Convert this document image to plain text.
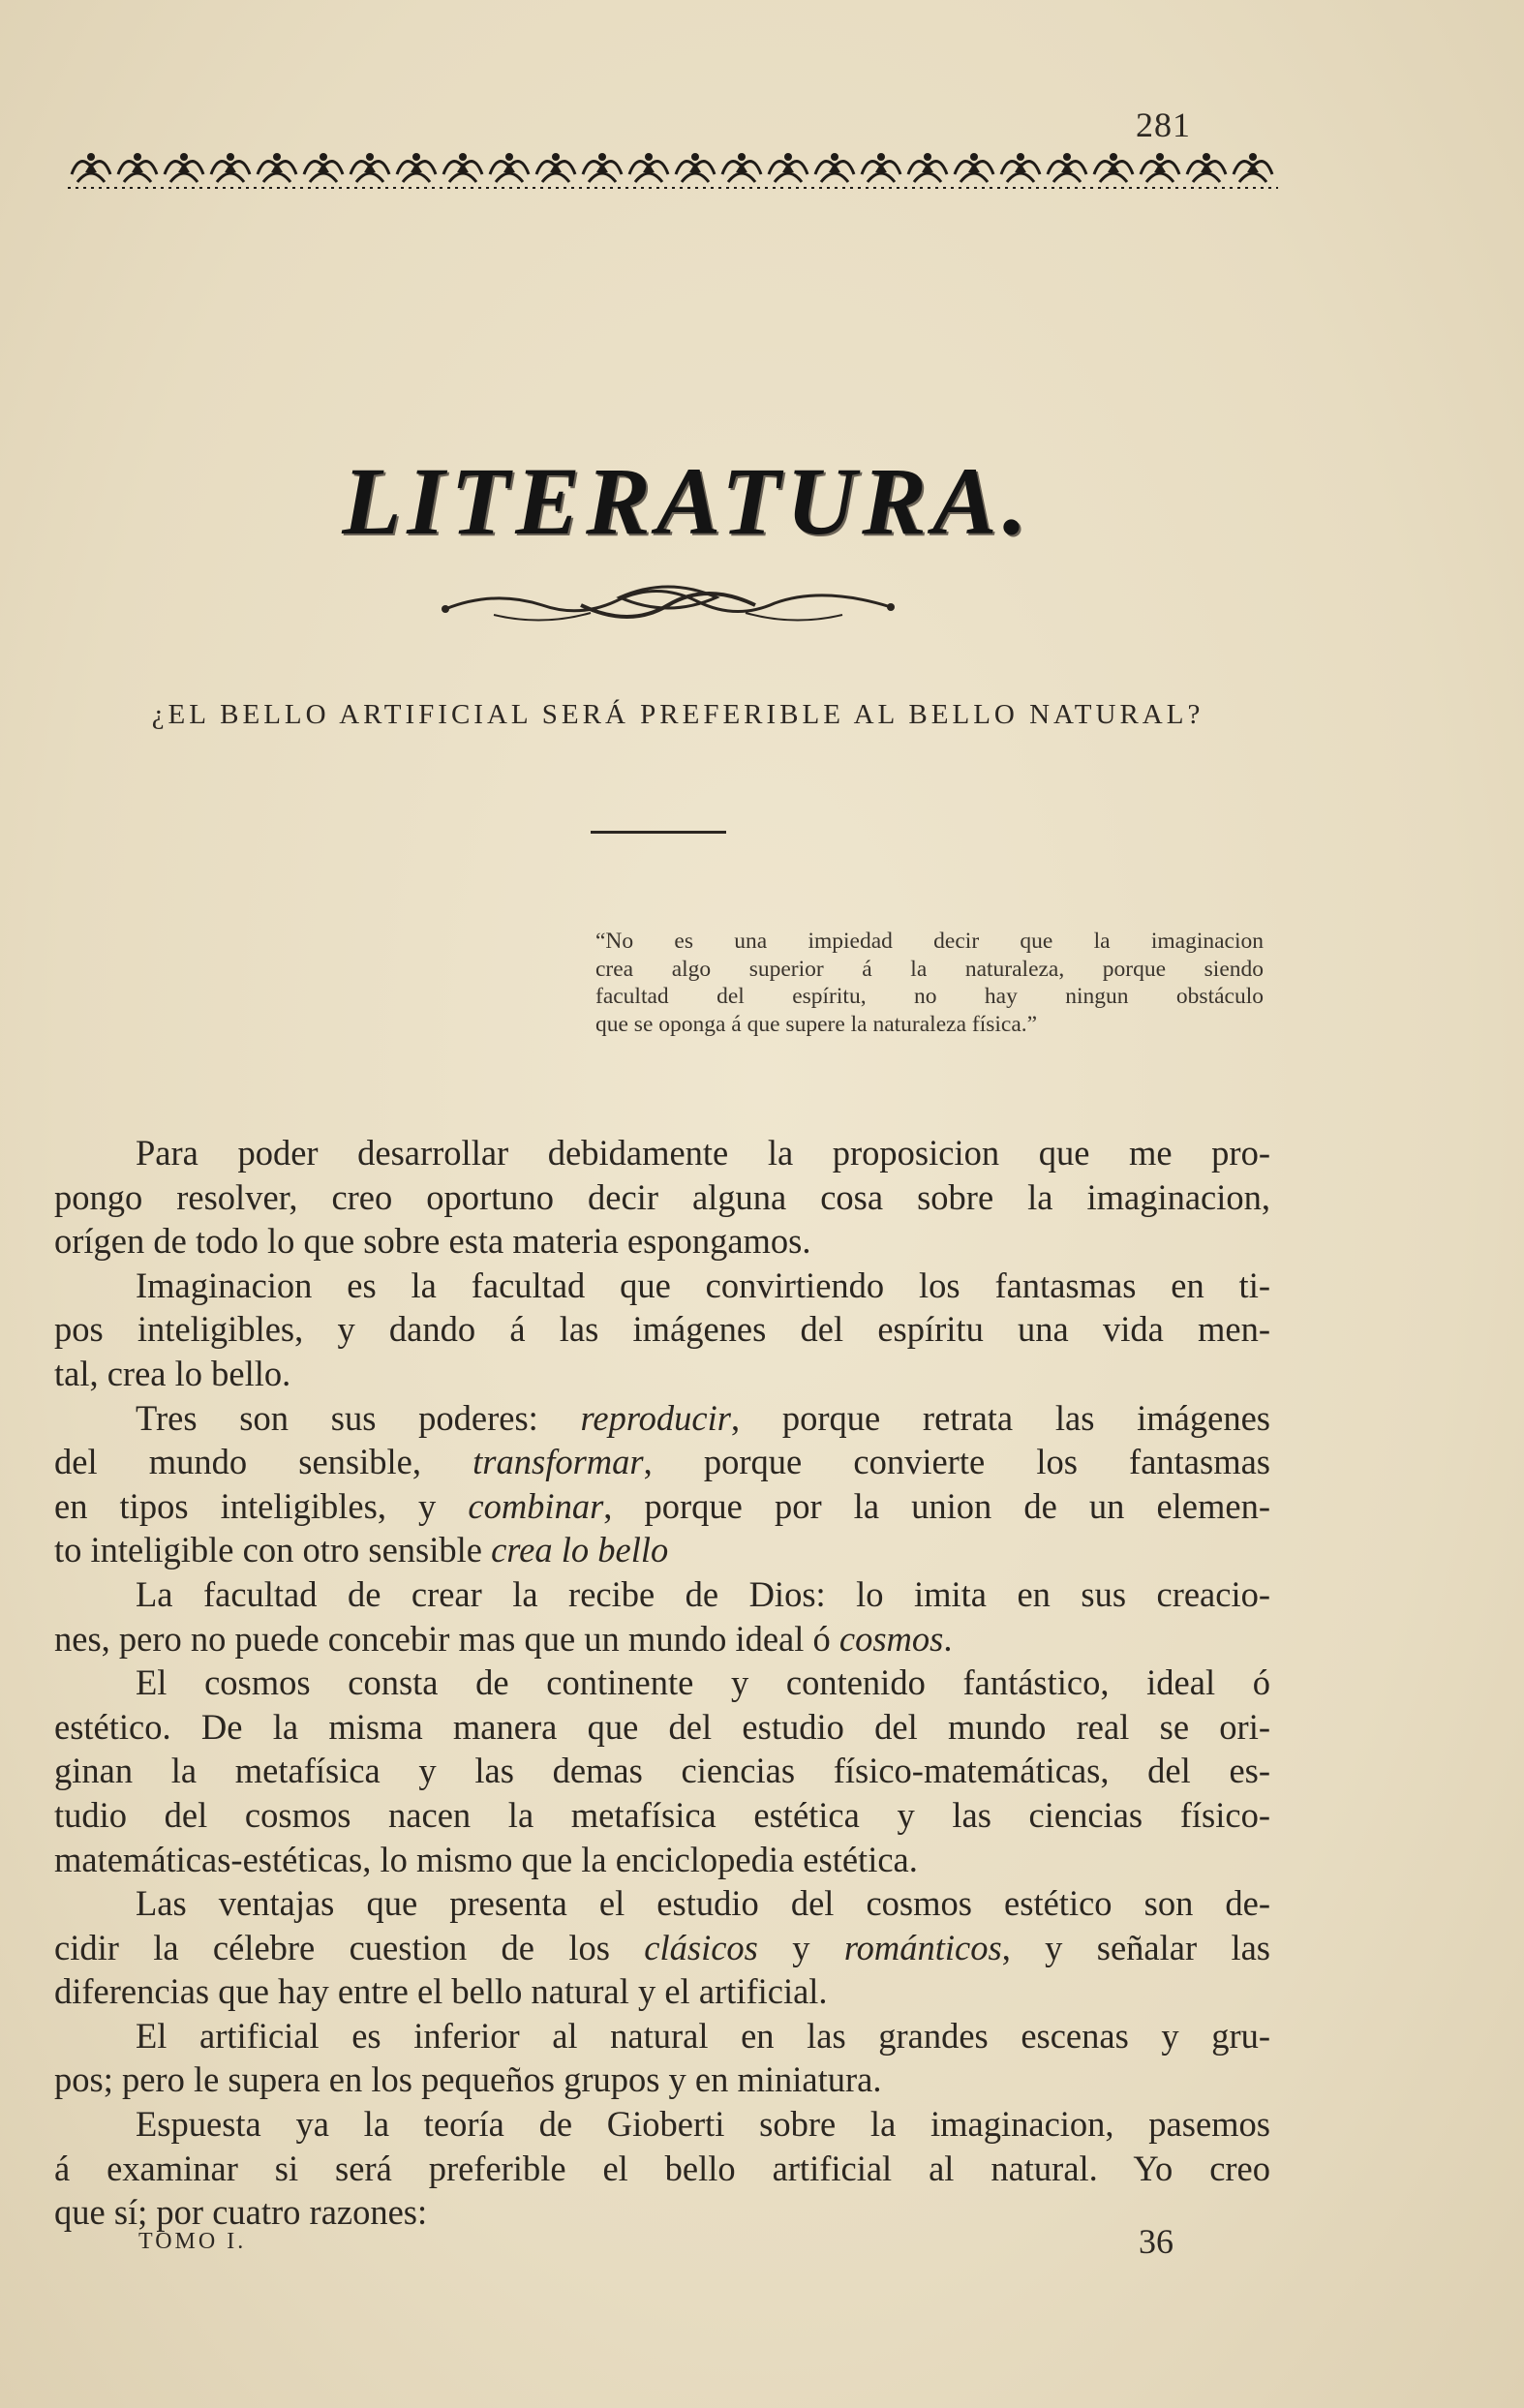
281
LITERATURA.
¿EL BELLO ARTIFICIAL SERÁ PREFERIBLE AL BELLO NATURAL?
“No es una impiedad decir que la imaginacion
crea algo superior á la naturaleza, porque siendo
facultad del espíritu, no hay ningun obstáculo
que se oponga á que supere la naturaleza física.”
Para poder desarrollar debidamente la proposicion que me pro-
pongo resolver, creo oportuno decir alguna cosa sobre la imaginacion,
orígen de todo lo que sobre esta materia espongamos.
Imaginacion es la facultad que convirtiendo los fantasmas en ti-
pos inteligibles, y dando á las imágenes del espíritu una vida men-
tal, crea lo bello.
Tres son sus poderes: reproducir, porque retrata las imágenes
del mundo sensible, transformar, porque convierte los fantasmas
en tipos inteligibles, y combinar, porque por la union de un elemen-
to inteligible con otro sensible crea lo bello
La facultad de crear la recibe de Dios: lo imita en sus creacio-
nes, pero no puede concebir mas que un mundo ideal ó cosmos.
El cosmos consta de continente y contenido fantástico, ideal ó
estético. De la misma manera que del estudio del mundo real se ori-
ginan la metafísica y las demas ciencias físico-matemáticas, del es-
tudio del cosmos nacen la metafísica estética y las ciencias físico-
matemáticas-estéticas, lo mismo que la enciclopedia estética.
Las ventajas que presenta el estudio del cosmos estético son de-
cidir la célebre cuestion de los clásicos y románticos, y señalar las
diferencias que hay entre el bello natural y el artificial.
El artificial es inferior al natural en las grandes escenas y gru-
pos; pero le supera en los pequeños grupos y en miniatura.
Espuesta ya la teoría de Gioberti sobre la imaginacion, pasemos
á examinar si será preferible el bello artificial al natural. Yo creo
que sí; por cuatro razones:
TOMO I.	36
